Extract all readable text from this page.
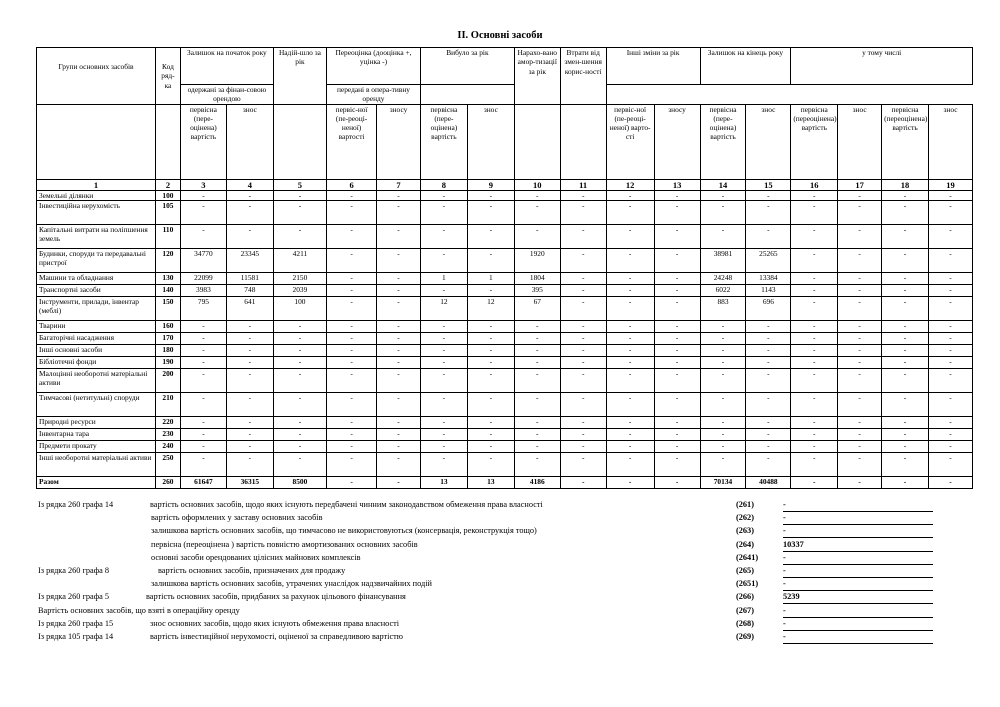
ІІ. Основні засоби
Групи основних засобів	Код ряд-ка	Залишок на початок року		Надій-шло за рік	Переоцінка (дооцінка +, уцінка -)		Вибуло за рік		Нарахо-вано амор-тизації за рік	Втрати від змен-шення корис-ності	Інші зміни за рік		Залишок на кінець року		у тому числі			
		одержані за фінан-совою орендою			передані в опера-тивну оренду													

		первісна (пере-оцінена) вартість	знос		первіс-ної (пе-реоці-неної) вартості	зносу	первісна (пере-оцінена) вартість	знос			первіс-ної (пе-реоці-неної) варто-сті	зносу	первісна (пере-оцінена) вартість	знос	первісна (переоцінена) вартість	знос	первісна (переоцінена) вартість	знос
1	2	3	4	5	6	7	8	9	10	11	12	13	14	15	16	17	18	19
Земельні ділянки	100	-	-	-	-	-	-	-	-	-	-	-	-	-	-	-	-	-
Інвестиційна нерухомість	105	-	-	-	-	-	-	-	-	-	-	-	-	-	-	-	-	-
Капітальні витрати на поліпшення земель	110	-	-	-	-	-	-	-	-	-	-	-	-	-	-	-	-	-
Будинки, споруди та передавальні пристрої	120	34770	23345	4211	-	-	-	-	1920	-	-	-	38981	25265	-	-	-	-
Машини та обладнання	130	22099	11581	2150	-	-	1	1	1804	-	-	-	24248	13384	-	-	-	-
Транспортні засоби	140	3983	748	2039	-	-	-	-	395	-	-	-	6022	1143	-	-	-	-
Інструменти, прилади, інвентар (меблі)	150	795	641	100	-	-	12	12	67	-	-	-	883	696	-	-	-	-
Тварини	160	-	-	-	-	-	-	-	-	-	-	-	-	-	-	-	-	-
Багаторічні насадження	170	-	-	-	-	-	-	-	-	-	-	-	-	-	-	-	-	-
Інші основні засоби	180	-	-	-	-	-	-	-	-	-	-	-	-	-	-	-	-	-
Бібліотечні фонди	190	-	-	-	-	-	-	-	-	-	-	-	-	-	-	-	-	-
Малоцінні необоротні матеріальні активи	200	-	-	-	-	-	-	-	-	-	-	-	-	-	-	-	-	-
Тимчасові (нетитульні) споруди	210	-	-	-	-	-	-	-	-	-	-	-	-	-	-	-	-	-
Природні ресурси	220	-	-	-	-	-	-	-	-	-	-	-	-	-	-	-	-	-
Інвентарна тара	230	-	-	-	-	-	-	-	-	-	-	-	-	-	-	-	-	-
Предмети прокату	240	-	-	-	-	-	-	-	-	-	-	-	-	-	-	-	-	-
Інші необоротні матеріальні активи	250	-	-	-	-	-	-	-	-	-	-	-	-	-	-	-	-	-
Разом	260	61647	36315	8500	-	-	13	13	4186	-	-	-	70134	40488	-	-	-	-
Із рядка 260 графа 14	вартість основних засобів, щодо яких існують передбачені чинним законодавством обмеження права власності	(261)	-
вартість оформлених у заставу основних засобів	(262)	-
залишкова вартість основних засобів, що тимчасово не використовуються (консервація, реконструкція тощо)	(263)	-
первісна (переоцінена ) вартість повністю амортизованих основних засобів	(264)	10337
основні засоби орендованих цілісних майнових комплексів	(2641)	-
Із рядка 260 графа 8	вартість основних засобів, призначених для продажу	(265)	-
залишкова вартість основних засобів, утрачених унаслідок надзвичайних подій	(2651)	-
Із рядка 260 графа 5	вартість основних засобів, придбаних за рахунок цільового фінансування	(266)	5239
Вартість основних засобів, що взяті в операційну оренду	(267)	-
Із рядка 260 графа 15	знос основних засобів, щодо яких існують обмеження права власності	(268)	-
Із рядка 105 графа 14	вартість інвестиційної нерухомості, оціненої за справедливою вартістю	(269)	-
